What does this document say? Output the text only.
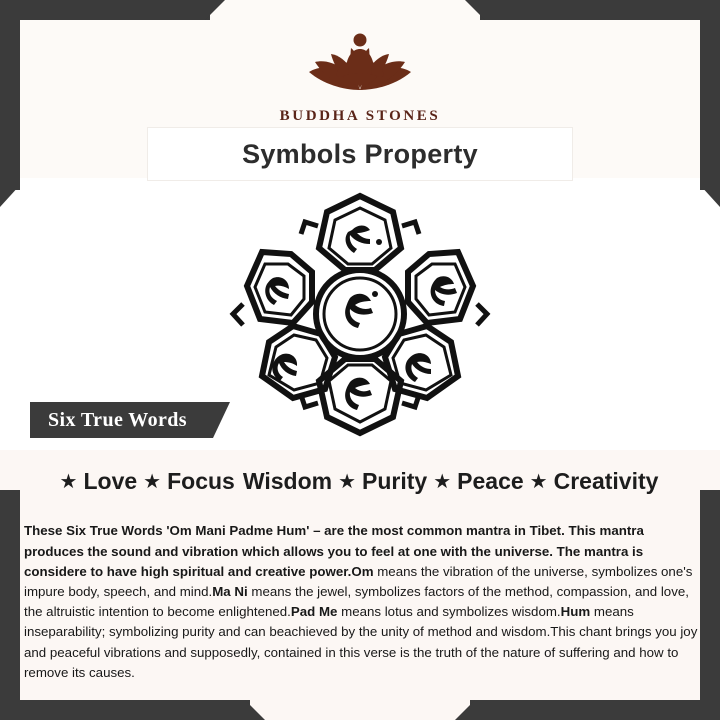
BUDDHA STONES
Symbols Property
Six True Words
★ Love ★ Focus Wisdom ★ Purity ★ Peace ★ Creativity

These Six True Words 'Om Mani Padme Hum' – are the most common mantra in Tibet. This mantra produces the sound and vibration which allows you to feel at one with the universe. The mantra is considere to have high spiritual and creative power.Om means the vibration of the universe, symbolizes one's impure body, speech, and mind.Ma Ni means the jewel, symbolizes factors of the method, compassion, and love, the altruistic intention to become enlightened.Pad Me means lotus and symbolizes wisdom.Hum means inseparability; symbolizing purity and can beachieved by the unity of method and wisdom.This chant brings you joy and peaceful vibrations and supposedly, contained in this verse is the truth of the nature of suffering and how to remove its causes.
